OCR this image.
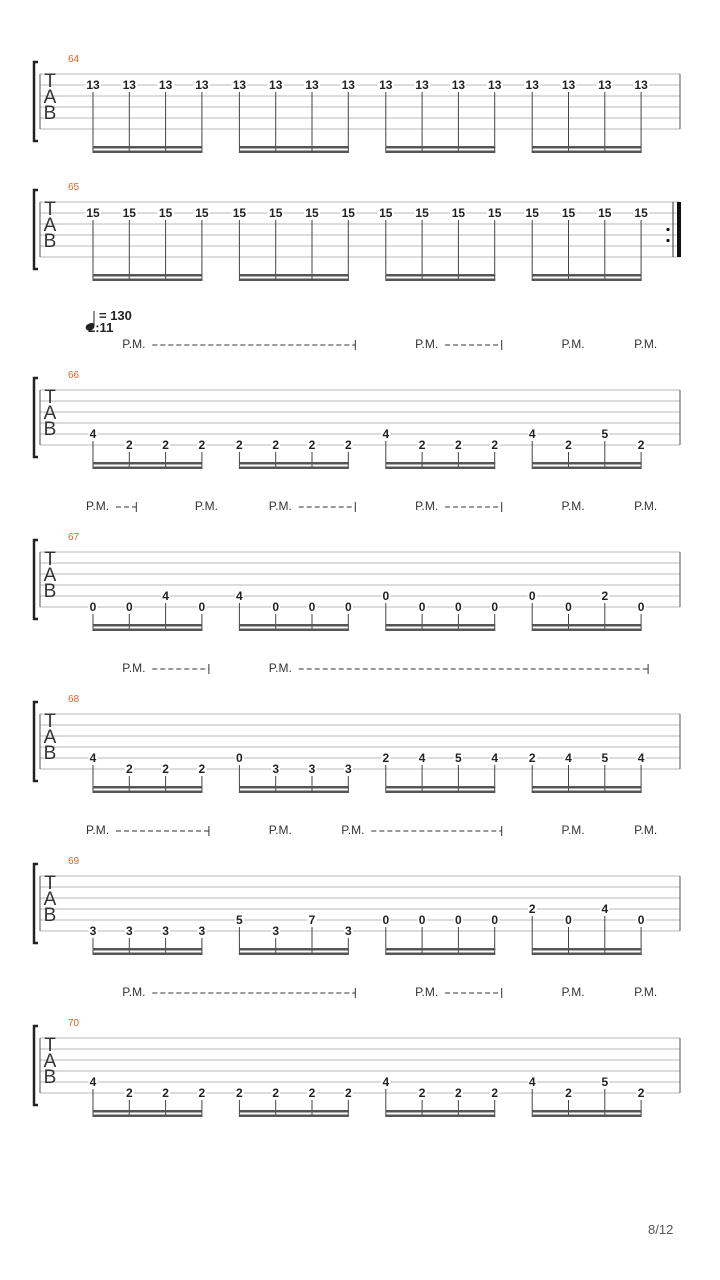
64
T
A
B
13 13 13 13 13 13 13 13 13 13 13 13 13 13 13 13
65
T
A
B
15 15 15 15 15 15 15 15 15 15 15 15 15 15 15 15
66
T
A
B
= 130
2:11
P.M.	P.M.	P.M.	P.M.
4
2 2 2	2 2 2 2
4
2 2 2
4
2
5
2
67
T
A
B
P.M.	P.M.	P.M.	P.M.	P.M.	P.M.
0 0
4
0
4
0 0 0
0
0 0 0
0
0
2
0
68
T
A
B
P.M.	P.M.
4
2 2 2
0
3 3 3
2 4 5 4	2 4 5 4
69
T
A
B
P.M.	P.M.	P.M.	P.M.	P.M.
3 3 3 3
5
3
7
3
0 0 0 0
2
0
4
0
70
T
A
B
P.M.	P.M.	P.M.	P.M.
4
2 2 2	2 2 2 2
4
2 2 2
4
2
5
2
8/12
